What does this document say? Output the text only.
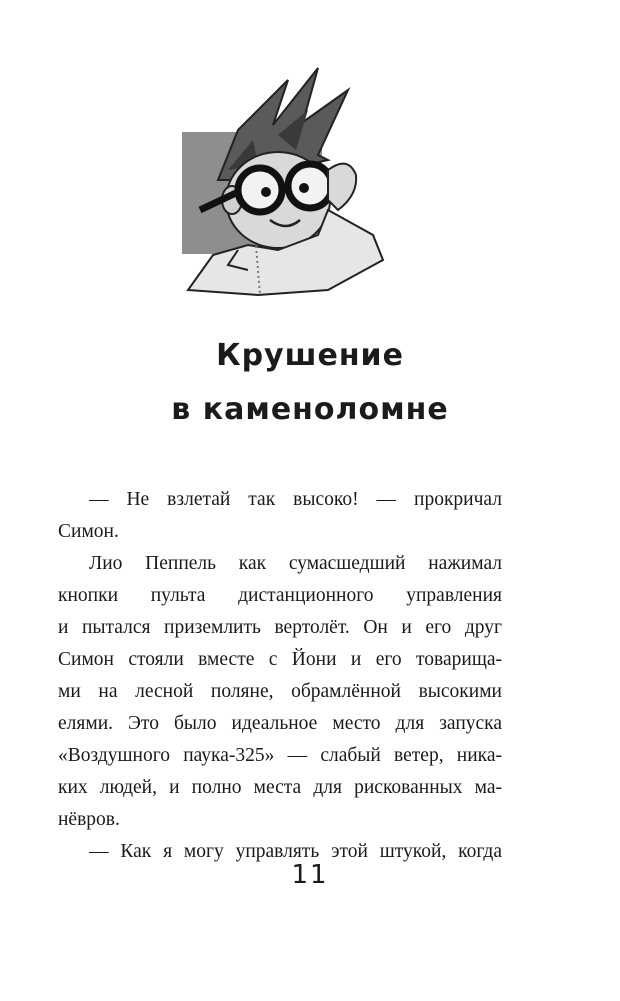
Крушение
в каменоломне
— Не взлетай так высоко! — прокричал
Симон.
Лио Пеппель как сумасшедший нажимал
кнопки пульта дистанционного управления
и пытался приземлить вертолёт. Он и его друг
Симон стояли вместе с Йони и его товарища-
ми на лесной поляне, обрамлённой высокими
елями. Это было идеальное место для запуска
«Воздушного паука-325» — слабый ветер, ника-
ких людей, и полно места для рискованных ма-
нёвров.
— Как я могу управлять этой штукой, когда
11
